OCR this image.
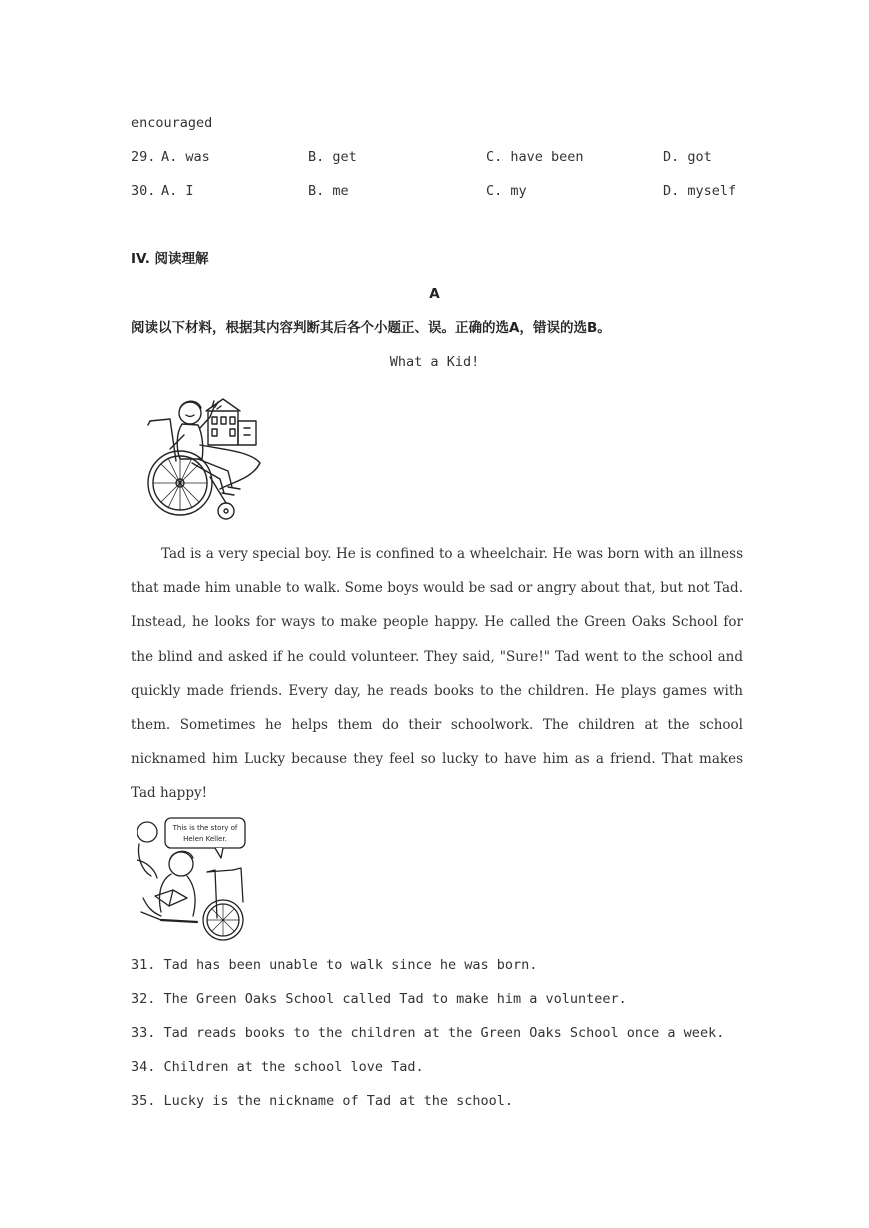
encouraged
29. A. was	B. get	C. have been	D. got
30. A. I	B. me	C. my	D. myself
IV. 阅读理解
A
阅读以下材料，根据其内容判断其后各个小题正、误。正确的选A，错误的选B。
What a Kid!

Tad is a very special boy. He is confined to a wheelchair. He was born with an illness that made him unable to walk. Some boys would be sad or angry about that, but not Tad. Instead, he looks for ways to make people happy. He called the Green Oaks School for the blind and asked if he could volunteer. They said, "Sure!" Tad went to the school and quickly made friends. Every day, he reads books to the children. He plays games with them. Sometimes he helps them do their schoolwork. The children at the school nicknamed him Lucky because they feel so lucky to have him as a friend. That makes Tad happy!

This is the story of
Helen Keller.
31. Tad has been unable to walk since he was born.
32. The Green Oaks School called Tad to make him a volunteer.
33. Tad reads books to the children at the Green Oaks School once a week.
34. Children at the school love Tad.
35. Lucky is the nickname of Tad at the school.
